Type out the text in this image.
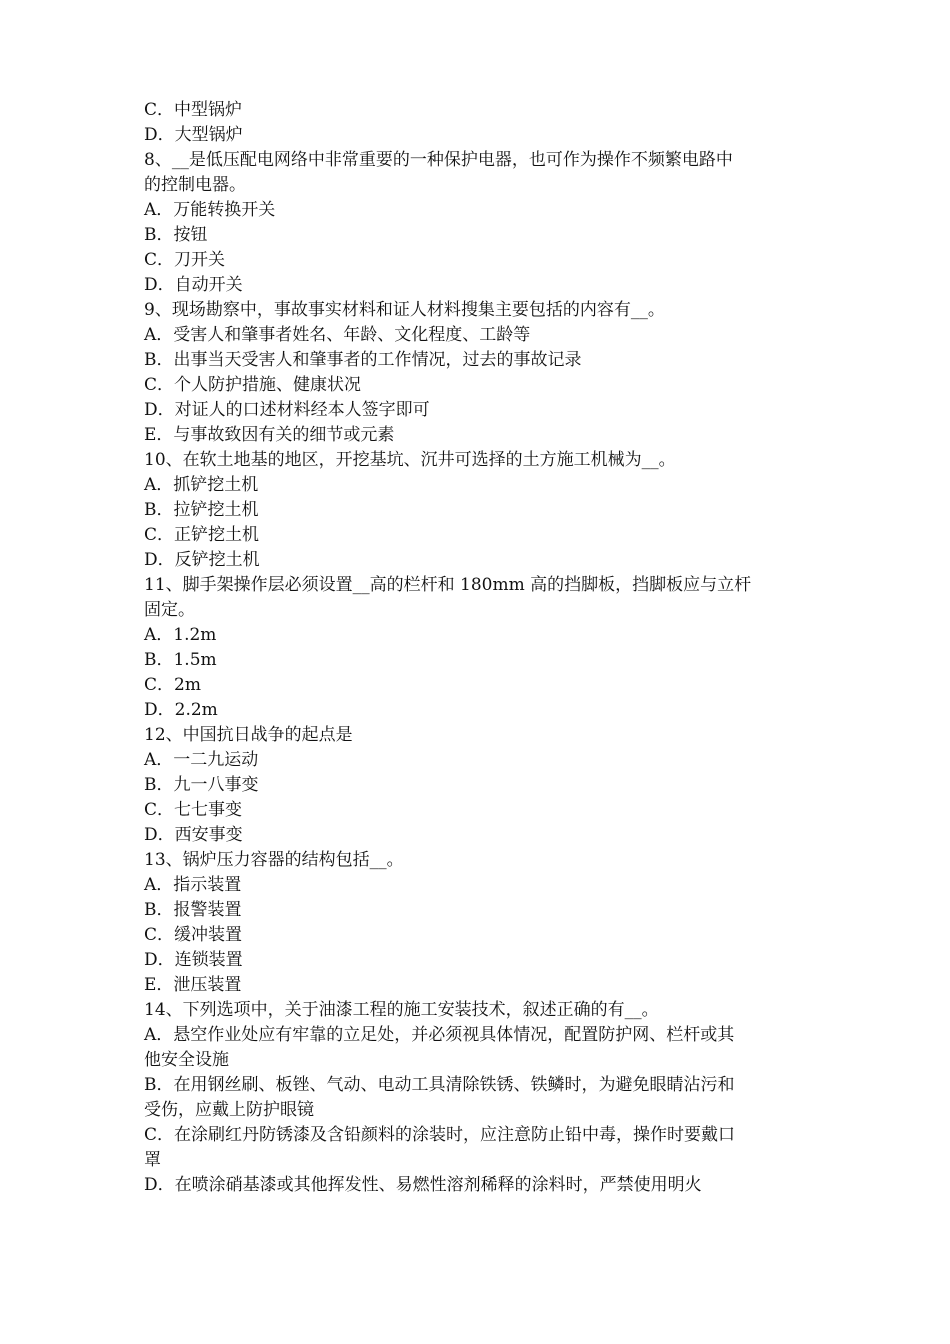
C．中型锅炉

D．大型锅炉

8、__是低压配电网络中非常重要的一种保护电器，也可作为操作不频繁电路中

的控制电器。

A．万能转换开关

B．按钮

C．刀开关

D．自动开关

9、现场勘察中，事故事实材料和证人材料搜集主要包括的内容有__。

A．受害人和肇事者姓名、年龄、文化程度、工龄等

B．出事当天受害人和肇事者的工作情况，过去的事故记录

C．个人防护措施、健康状况

D．对证人的口述材料经本人签字即可

E．与事故致因有关的细节或元素

10、在软土地基的地区，开挖基坑、沉井可选择的土方施工机械为__。

A．抓铲挖土机

B．拉铲挖土机

C．正铲挖土机

D．反铲挖土机

11、脚手架操作层必须设置__高的栏杆和 180mm 高的挡脚板，挡脚板应与立杆

固定。

A．1.2m

B．1.5m

C．2m

D．2.2m

12、中国抗日战争的起点是

A．一二九运动

B．九一八事变

C．七七事变

D．西安事变

13、锅炉压力容器的结构包括__。

A．指示装置

B．报警装置

C．缓冲装置

D．连锁装置

E．泄压装置

14、下列选项中，关于油漆工程的施工安装技术，叙述正确的有__。

A．悬空作业处应有牢靠的立足处，并必须视具体情况，配置防护网、栏杆或其

他安全设施

B．在用钢丝刷、板锉、气动、电动工具清除铁锈、铁鳞时，为避免眼睛沾污和

受伤，应戴上防护眼镜

C．在涂刷红丹防锈漆及含铅颜料的涂装时，应注意防止铅中毒，操作时要戴口

罩

D．在喷涂硝基漆或其他挥发性、易燃性溶剂稀释的涂料时，严禁使用明火
